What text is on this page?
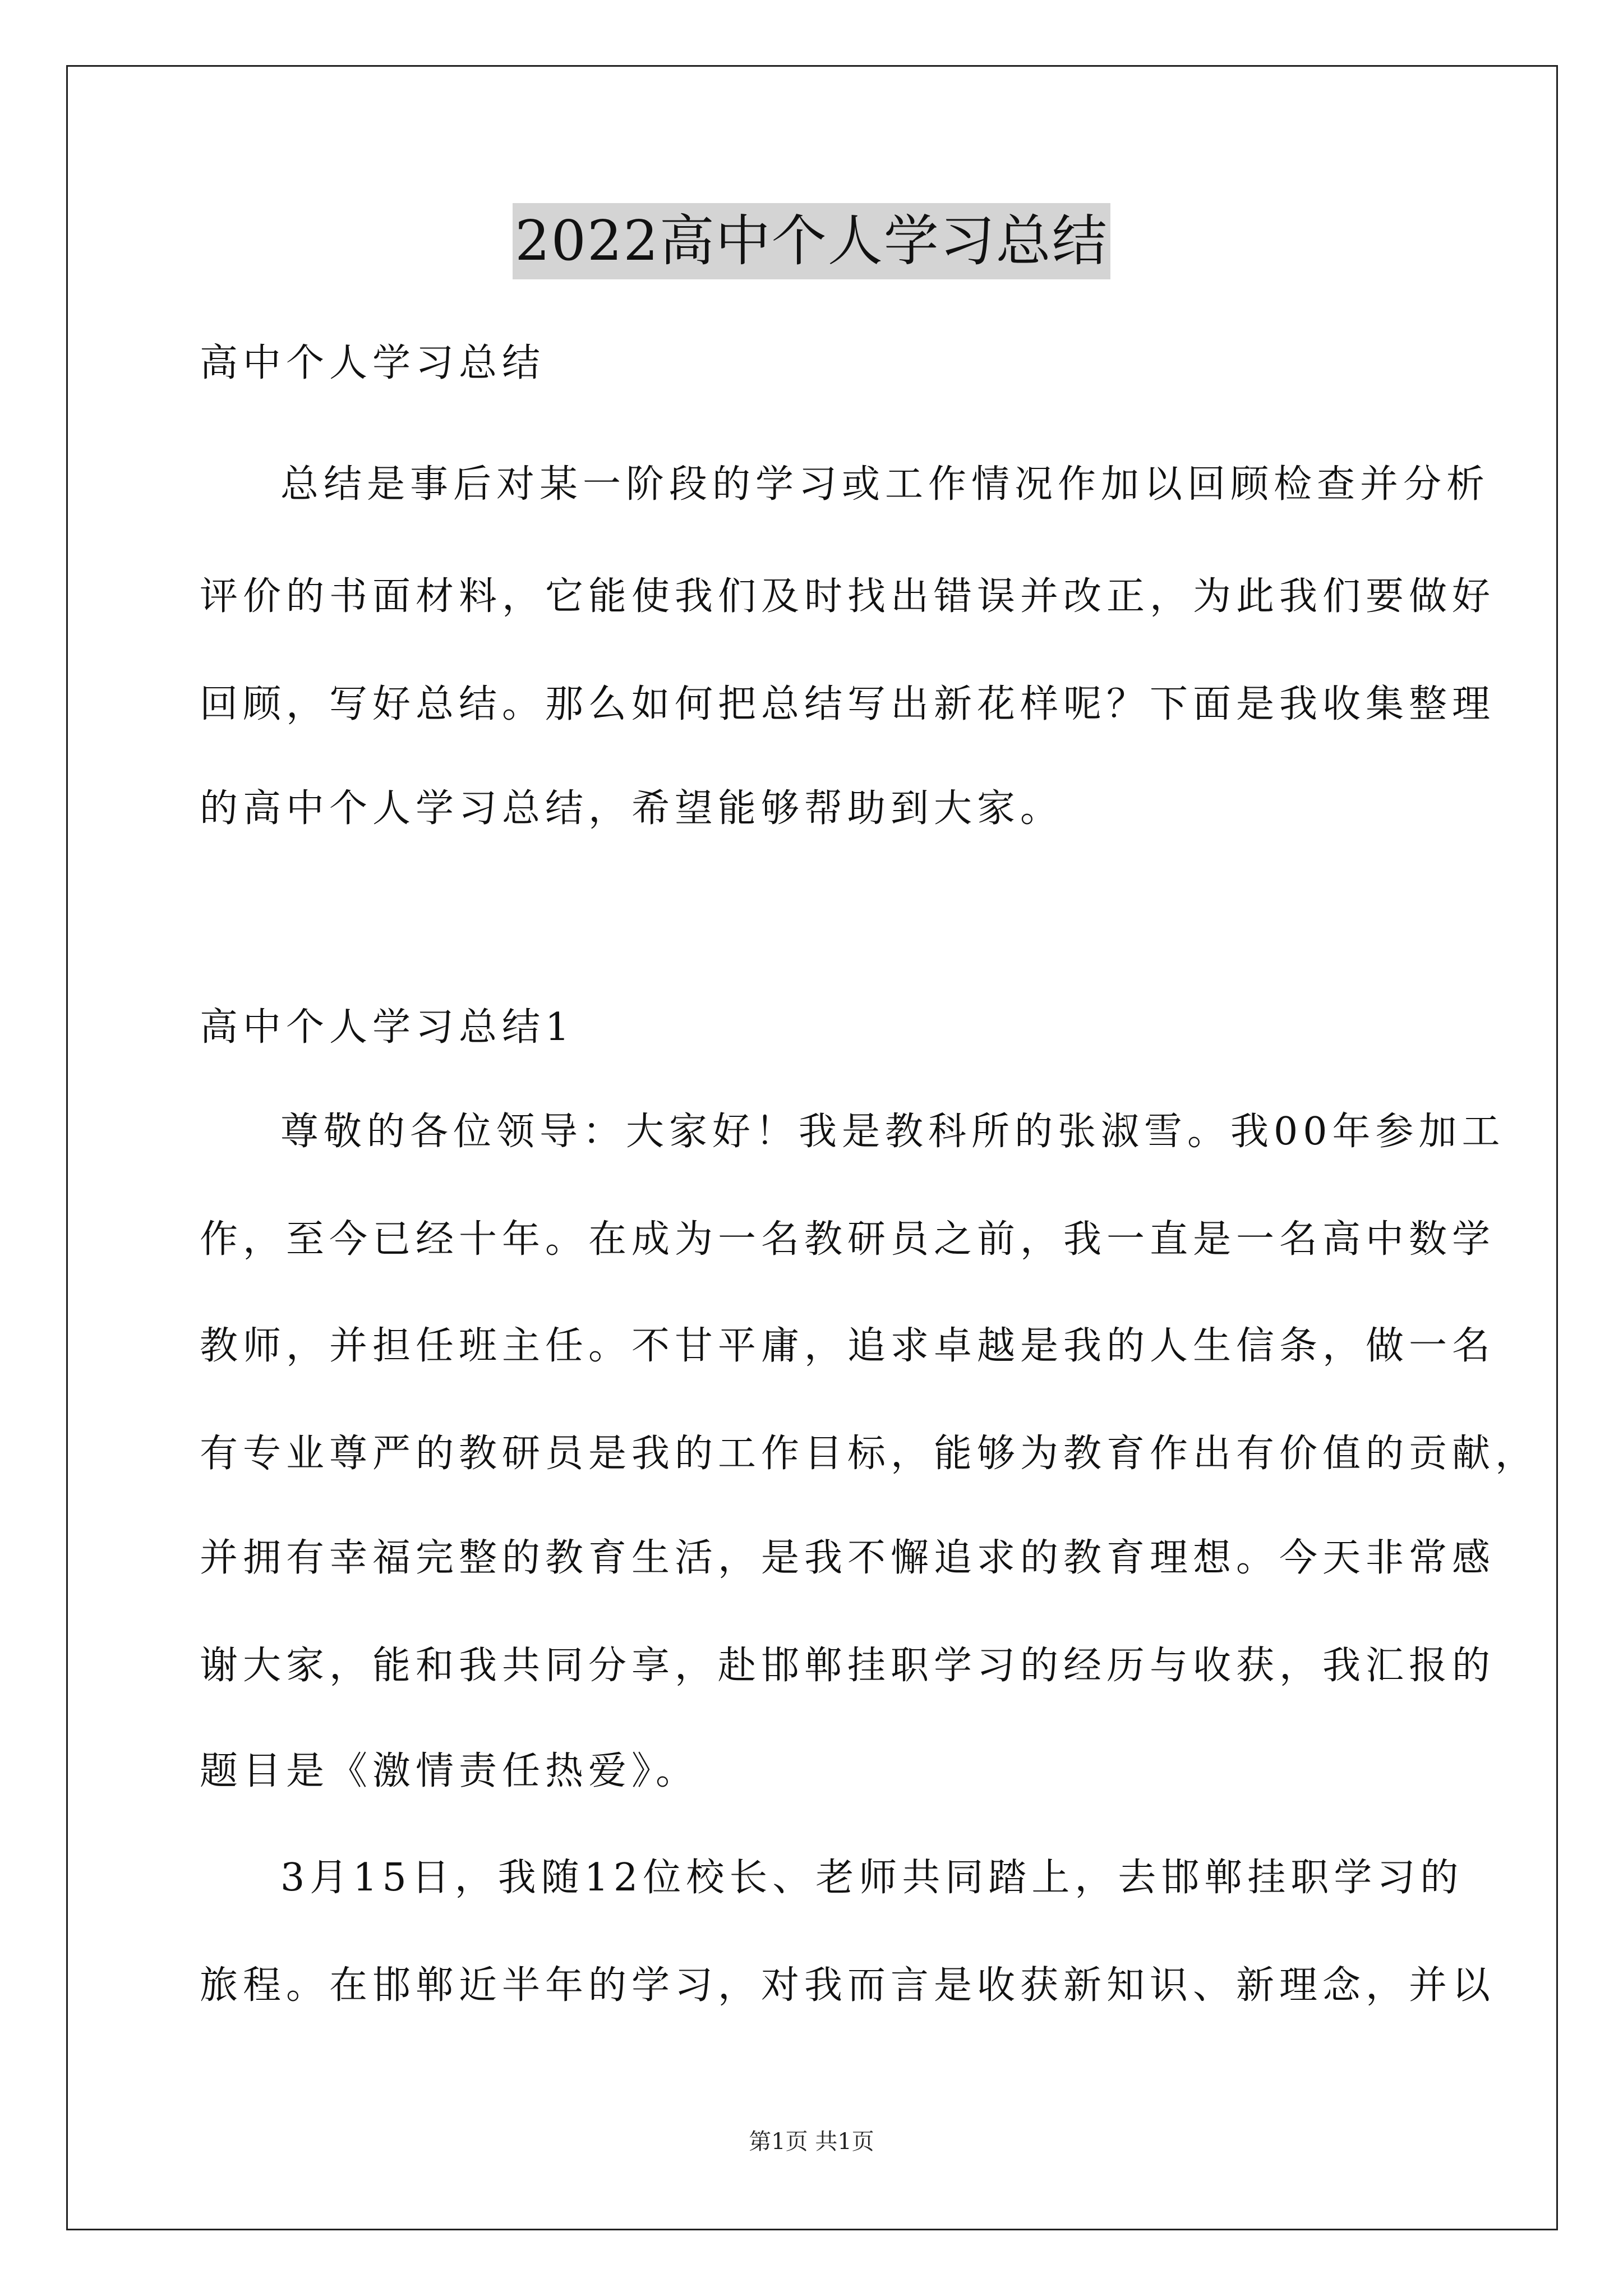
2022高中个人学习总结
高中个人学习总结
总结是事后对某一阶段的学习或工作情况作加以回顾检查并分析
评价的书面材料，它能使我们及时找出错误并改正，为此我们要做好
回顾，写好总结。那么如何把总结写出新花样呢？下面是我收集整理
的高中个人学习总结，希望能够帮助到大家。
高中个人学习总结1
尊敬的各位领导：大家好！我是教科所的张淑雪。我00年参加工
作，至今已经十年。在成为一名教研员之前，我一直是一名高中数学
教师，并担任班主任。不甘平庸，追求卓越是我的人生信条，做一名
有专业尊严的教研员是我的工作目标，能够为教育作出有价值的贡献，
并拥有幸福完整的教育生活，是我不懈追求的教育理想。今天非常感
谢大家，能和我共同分享，赴邯郸挂职学习的经历与收获，我汇报的
题目是《激情责任热爱》。
3月15日，我随12位校长、老师共同踏上，去邯郸挂职学习的
旅程。在邯郸近半年的学习，对我而言是收获新知识、新理念，并以
第1页 共1页
